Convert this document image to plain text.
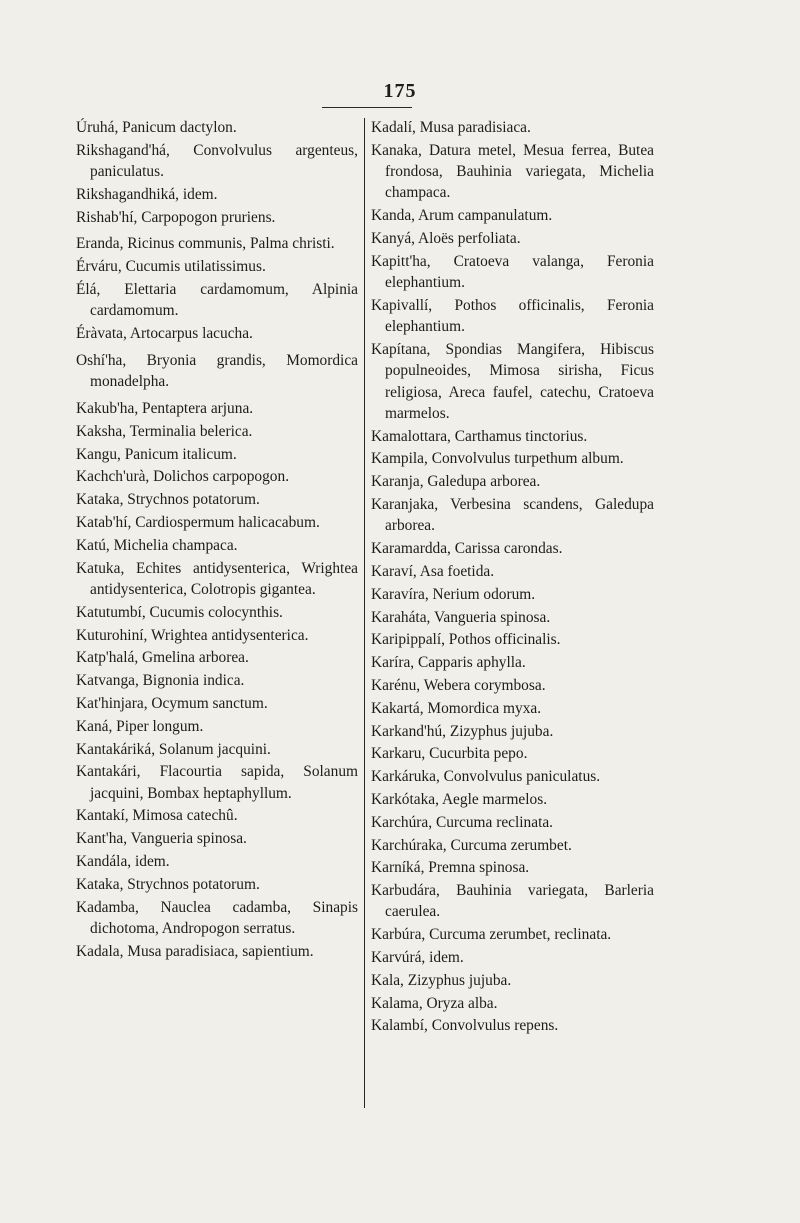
175

Úruhá, Panicum dactylon.

Rikshagand'há, Convolvulus argenteus, paniculatus.

Rikshagandhiká, idem.

Rishab'hí, Carpopogon pruriens.

Eranda, Ricinus communis, Palma christi.

Érváru, Cucumis utilatissimus.

Élá, Elettaria cardamomum, Alpinia cardamomum.

Éràvata, Artocarpus lacucha.

Oshí'ha, Bryonia grandis, Momordica monadelpha.

Kakub'ha, Pentaptera arjuna.

Kaksha, Terminalia belerica.

Kangu, Panicum italicum.

Kachch'urà, Dolichos carpopogon.

Kataka, Strychnos potatorum.

Katab'hí, Cardiospermum halicacabum.

Katú, Michelia champaca.

Katuka, Echites antidysenterica, Wrightea antidysenterica, Colotropis gigantea.

Katutumbí, Cucumis colocynthis.

Kuturohiní, Wrightea antidysenterica.

Katp'halá, Gmelina arborea.

Katvanga, Bignonia indica.

Kat'hinjara, Ocymum sanctum.

Kaná, Piper longum.

Kantakáriká, Solanum jacquini.

Kantakári, Flacourtia sapida, Solanum jacquini, Bombax heptaphyllum.

Kantakí, Mimosa catechû.

Kant'ha, Vangueria spinosa.

Kandála, idem.

Kataka, Strychnos potatorum.

Kadamba, Nauclea cadamba, Sinapis dichotoma, Andropogon serratus.

Kadala, Musa paradisiaca, sapientium.

Kadalí, Musa paradisiaca.

Kanaka, Datura metel, Mesua ferrea, Butea frondosa, Bauhinia variegata, Michelia champaca.

Kanda, Arum campanulatum.

Kanyá, Aloës perfoliata.

Kapitt'ha, Cratoeva valanga, Feronia elephantium.

Kapivallí, Pothos officinalis, Feronia elephantium.

Kapítana, Spondias Mangifera, Hibiscus populneoides, Mimosa sirisha, Ficus religiosa, Areca faufel, catechu, Cratoeva marmelos.

Kamalottara, Carthamus tinctorius.

Kampila, Convolvulus turpethum album.

Karanja, Galedupa arborea.

Karanjaka, Verbesina scandens, Galedupa arborea.

Karamardda, Carissa carondas.

Karaví, Asa foetida.

Karavíra, Nerium odorum.

Karaháta, Vangueria spinosa.

Karipippalí, Pothos officinalis.

Karíra, Capparis aphylla.

Karénu, Webera corymbosa.

Kakartá, Momordica myxa.

Karkand'hú, Zizyphus jujuba.

Karkaru, Cucurbita pepo.

Karkáruka, Convolvulus paniculatus.

Karkótaka, Aegle marmelos.

Karchúra, Curcuma reclinata.

Karchúraka, Curcuma zerumbet.

Karníká, Premna spinosa.

Karbudára, Bauhinia variegata, Barleria caerulea.

Karbúra, Curcuma zerumbet, reclinata.

Karvúrá, idem.

Kala, Zizyphus jujuba.

Kalama, Oryza alba.

Kalambí, Convolvulus repens.
